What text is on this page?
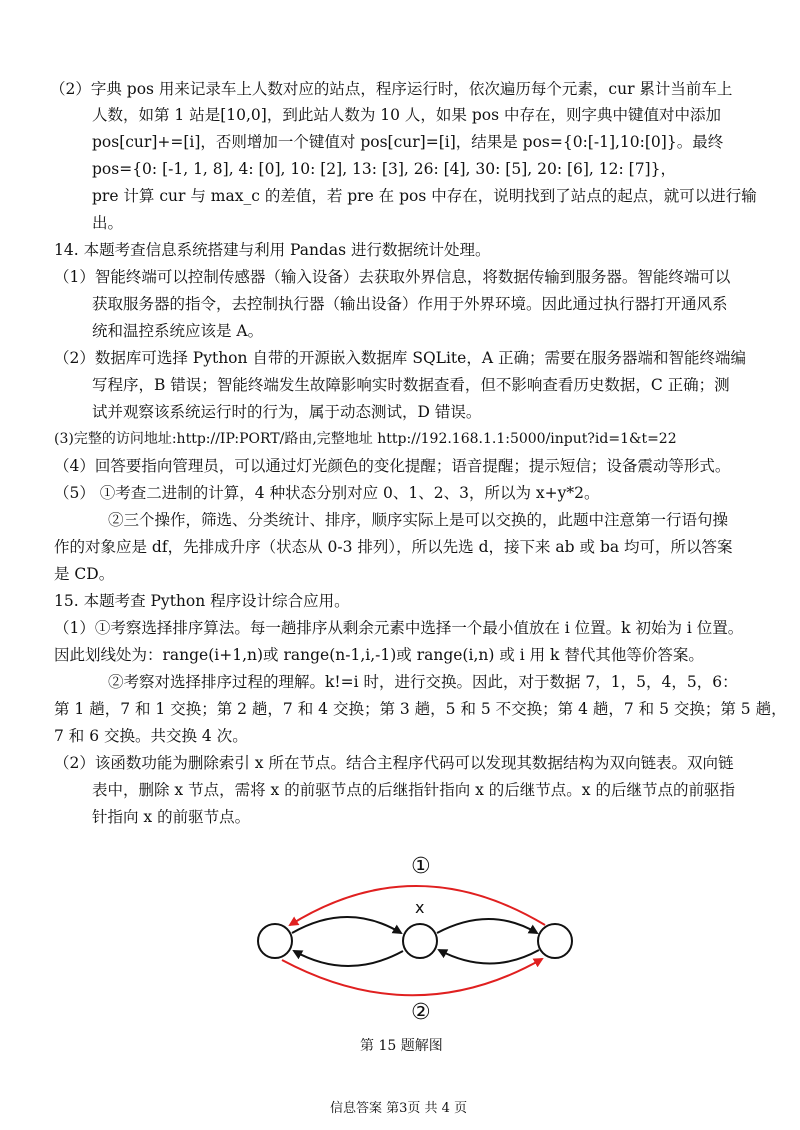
（2）字典 pos 用来记录车上人数对应的站点，程序运行时，依次遍历每个元素，cur 累计当前车上
人数，如第 1 站是[10,0]，到此站人数为 10 人，如果 pos 中存在，则字典中键值对中添加
pos[cur]+=[i]，否则增加一个键值对 pos[cur]=[i]，结果是 pos={0:[-1],10:[0]}。最终
pos={0: [-1, 1, 8], 4: [0], 10: [2], 13: [3], 26: [4], 30: [5], 20: [6], 12: [7]}，
pre 计算 cur 与 max_c 的差值，若 pre 在 pos 中存在，说明找到了站点的起点，就可以进行输
出。
14. 本题考查信息系统搭建与利用 Pandas 进行数据统计处理。
（1）智能终端可以控制传感器（输入设备）去获取外界信息，将数据传输到服务器。智能终端可以
获取服务器的指令，去控制执行器（输出设备）作用于外界环境。因此通过执行器打开通风系
统和温控系统应该是 A。
（2）数据库可选择 Python 自带的开源嵌入数据库 SQLite，A 正确；需要在服务器端和智能终端编
写程序，B 错误；智能终端发生故障影响实时数据查看，但不影响查看历史数据，C 正确；测
试并观察该系统运行时的行为，属于动态测试，D 错误。
(3)完整的访问地址:http://IP:PORT/路由,完整地址 http://192.168.1.1:5000/input?id=1&t=22
（4）回答要指向管理员，可以通过灯光颜色的变化提醒；语音提醒；提示短信；设备震动等形式。
（5） ①考查二进制的计算，4 种状态分别对应 0、1、2、3，所以为 x+y*2。
②三个操作，筛选、分类统计、排序，顺序实际上是可以交换的，此题中注意第一行语句操
作的对象应是 df，先排成升序（状态从 0-3 排列），所以先选 d，接下来 ab 或 ba 均可，所以答案
是 CD。
15. 本题考查 Python 程序设计综合应用。
（1）①考察选择排序算法。每一趟排序从剩余元素中选择一个最小值放在 i 位置。k 初始为 i 位置。
因此划线处为：range(i+1,n)或 range(n-1,i,-1)或 range(i,n) 或 i 用 k 替代其他等价答案。
②考察对选择排序过程的理解。k!=i 时，进行交换。因此，对于数据 7，1，5，4，5，6：
第 1 趟，7 和 1 交换；第 2 趟，7 和 4 交换；第 3 趟，5 和 5 不交换；第 4 趟，7 和 5 交换；第 5 趟，
7 和 6 交换。共交换 4 次。
（2）该函数功能为删除索引 x 所在节点。结合主程序代码可以发现其数据结构为双向链表。双向链
表中，删除 x 节点，需将 x 的前驱节点的后继指针指向 x 的后继节点。x 的后继节点的前驱指
针指向 x 的前驱节点。
①
x
②
第 15 题解图
信息答案 第3页 共 4 页
